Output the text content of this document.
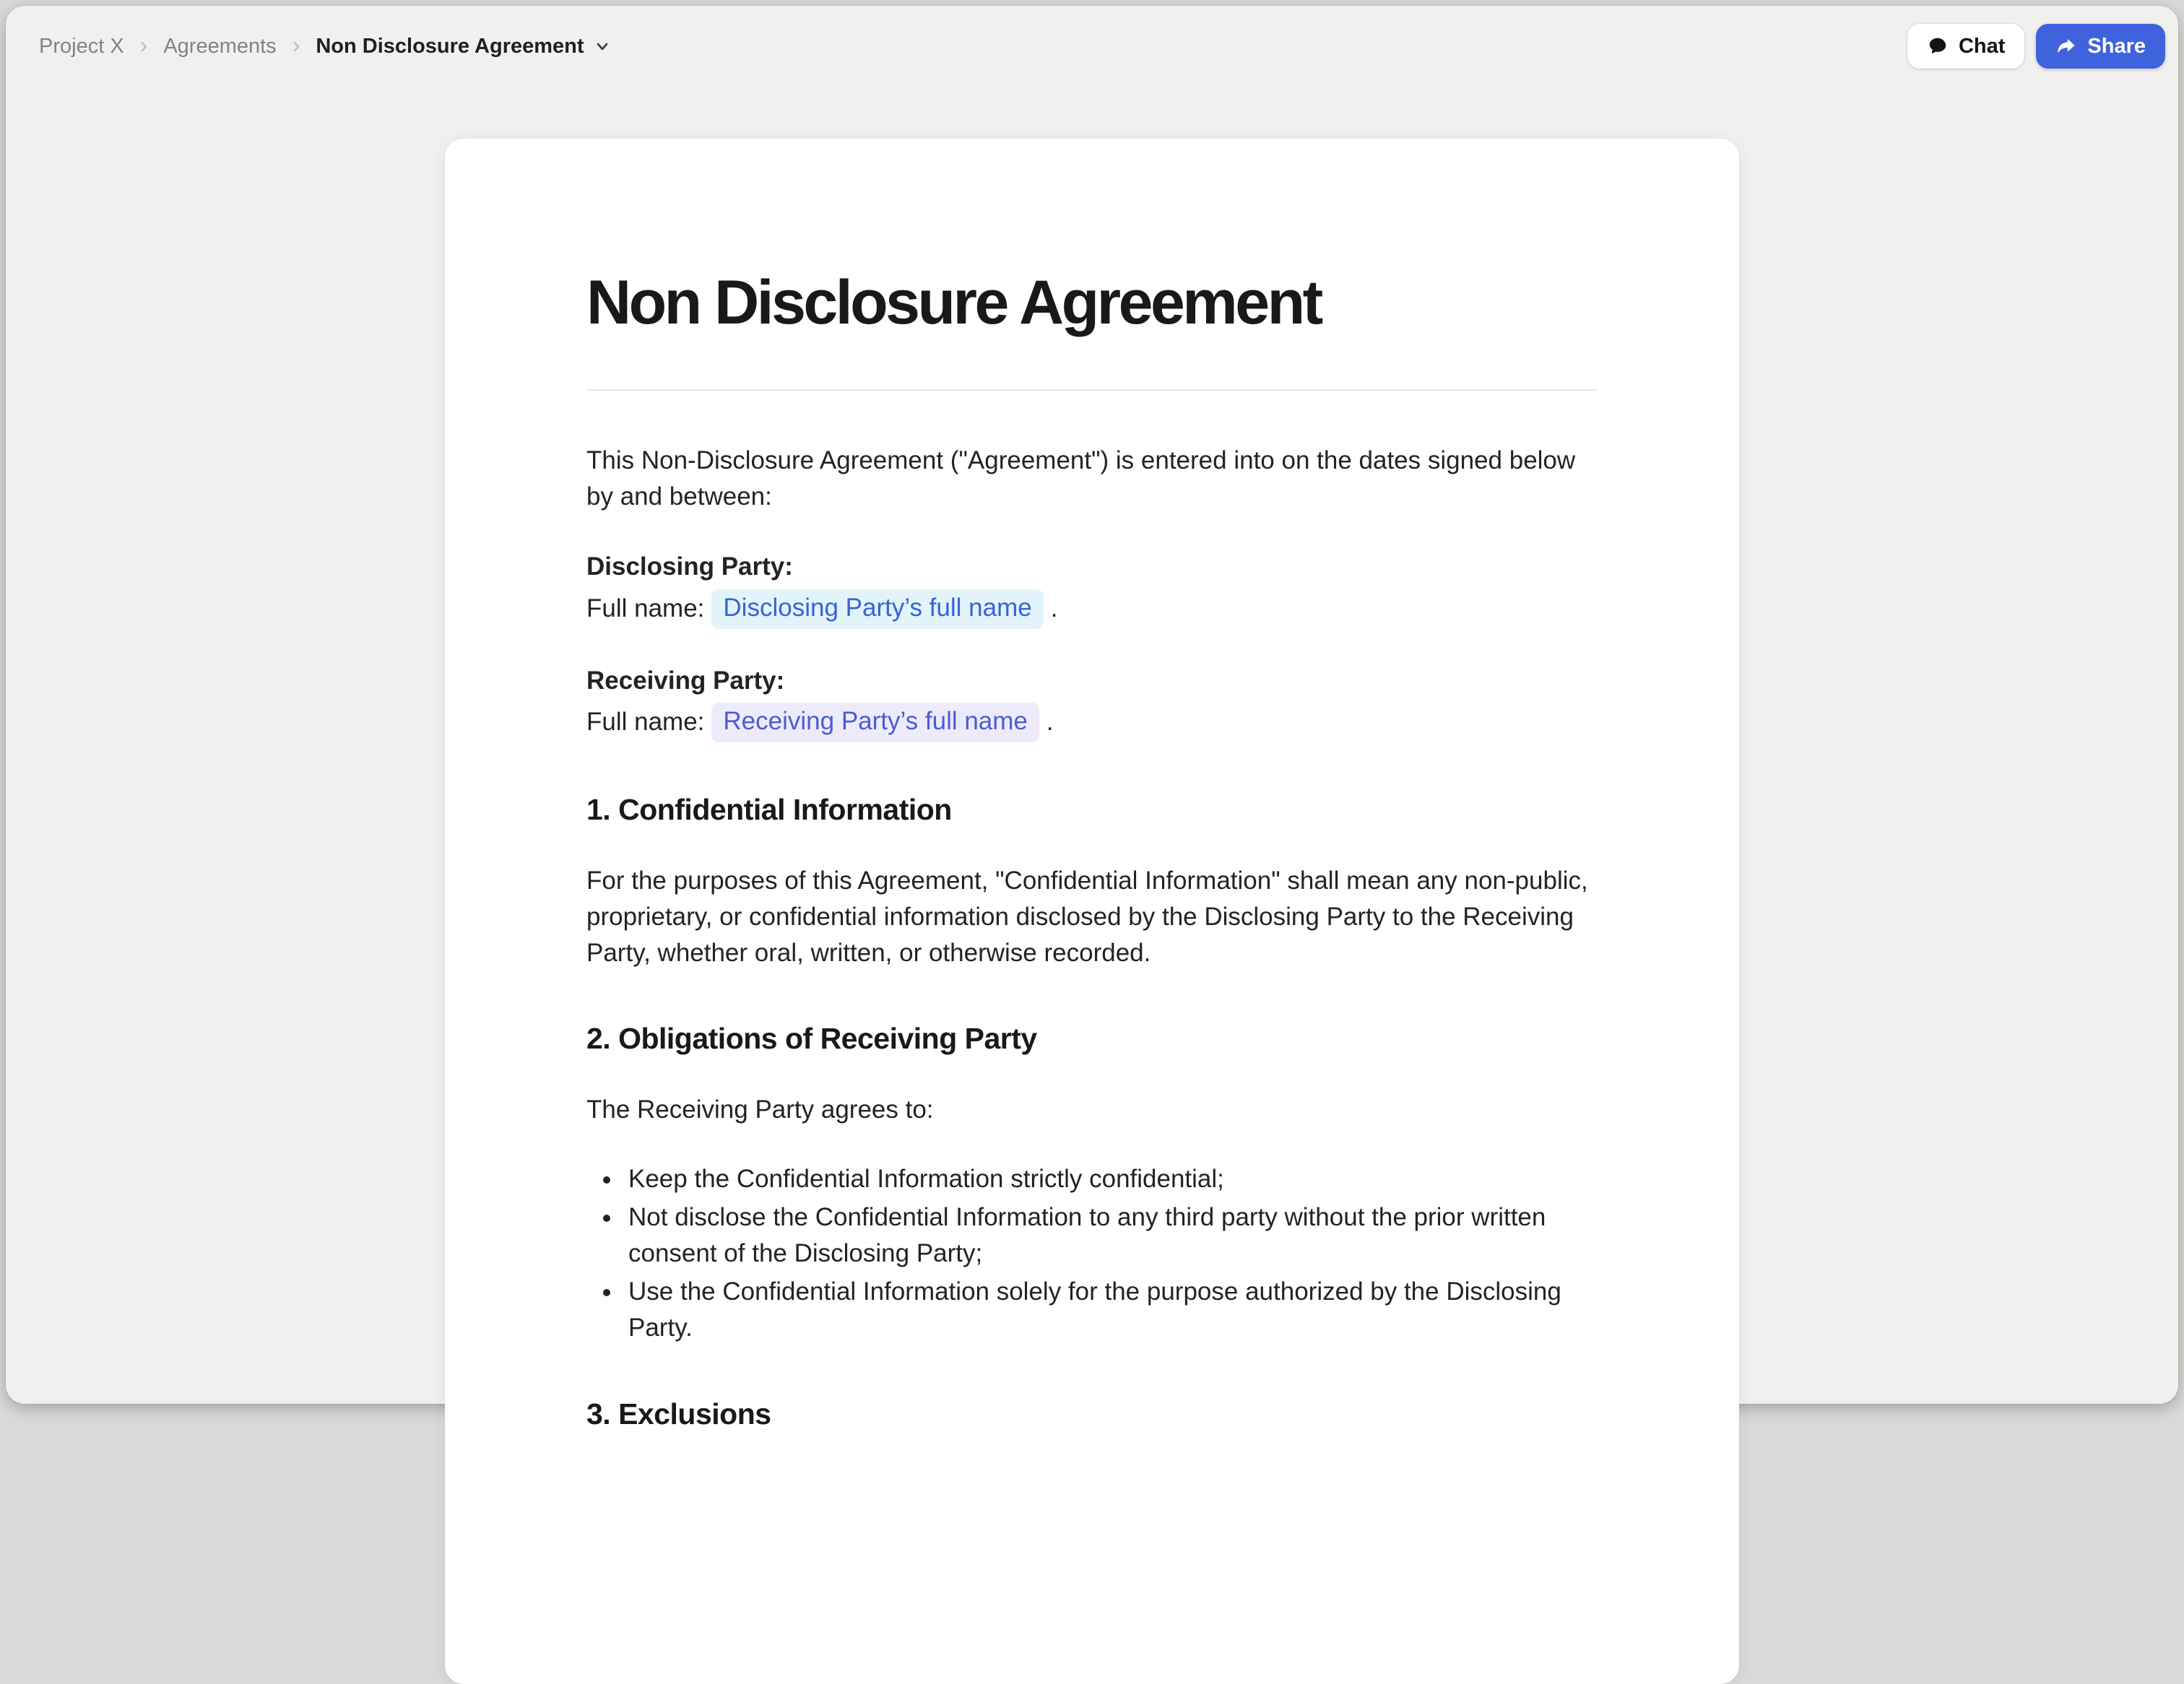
Project X › Agreements › Non Disclosure Agreement	Chat	Share
Non Disclosure Agreement

This Non-Disclosure Agreement ("Agreement") is entered into on the dates signed below by and between:

Disclosing Party:
Full name: Disclosing Party’s full name .
Receiving Party:
Full name: Receiving Party’s full name .
1. Confidential Information

For the purposes of this Agreement, "Confidential Information" shall mean any non-public, proprietary, or confidential information disclosed by the Disclosing Party to the Receiving Party, whether oral, written, or otherwise recorded.

2. Obligations of Receiving Party

The Receiving Party agrees to:

• Keep the Confidential Information strictly confidential;
• Not disclose the Confidential Information to any third party without the prior written consent of the Disclosing Party;
• Use the Confidential Information solely for the purpose authorized by the Disclosing Party.
3. Exclusions
